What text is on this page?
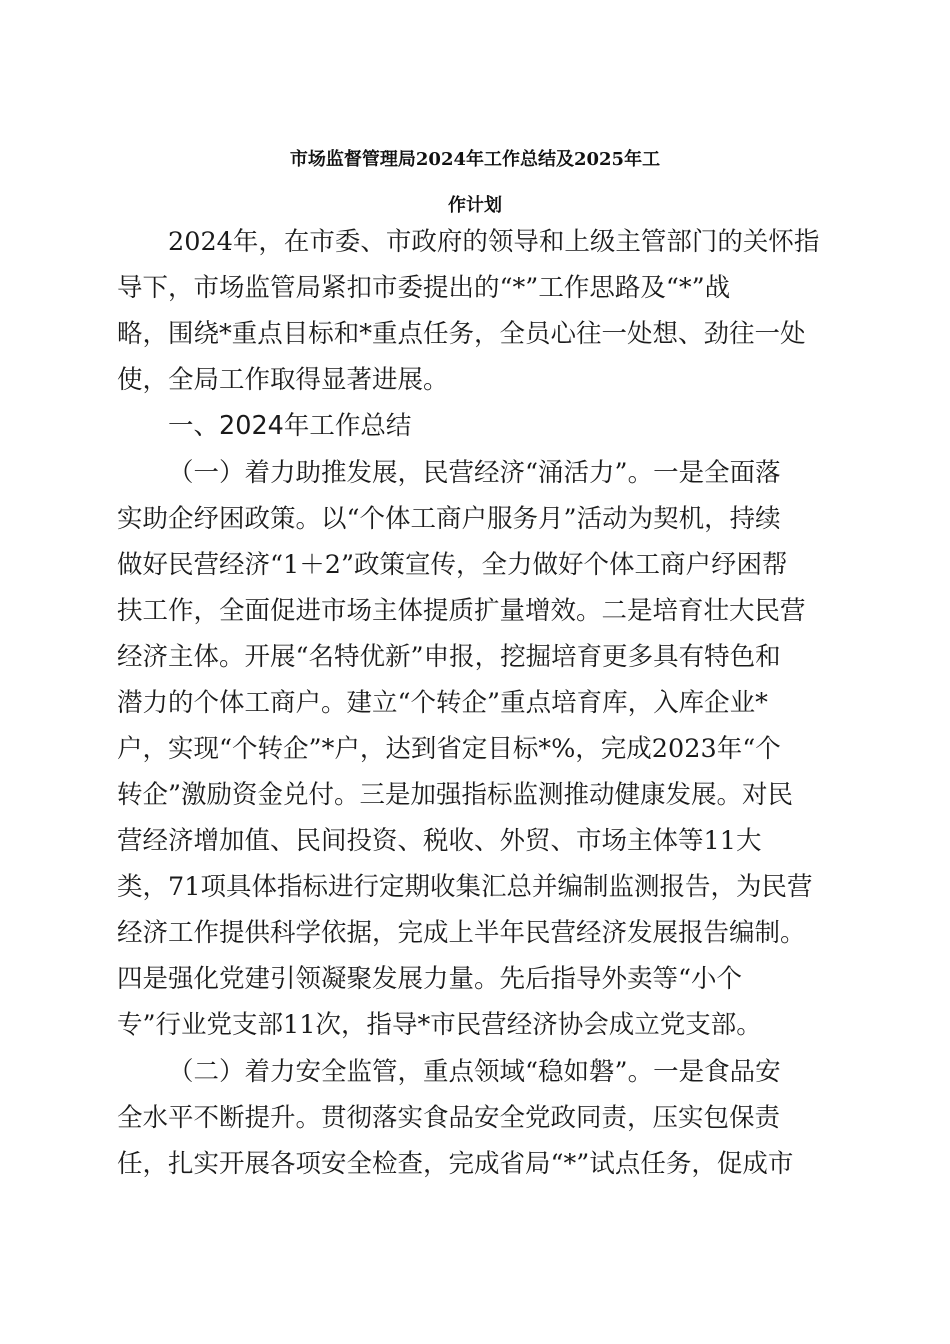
市场监督管理局2024年工作总结及2025年工
作计划
2024年，在市委、市政府的领导和上级主管部门的关怀指
导下，市场监管局紧扣市委提出的“*”工作思路及“*”战
略，围绕*重点目标和*重点任务，全员心往一处想、劲往一处
使，全局工作取得显著进展。
一、2024年工作总结
（一）着力助推发展，民营经济“涌活力”。一是全面落
实助企纾困政策。以“个体工商户服务月”活动为契机，持续
做好民营经济“1＋2”政策宣传，全力做好个体工商户纾困帮
扶工作，全面促进市场主体提质扩量增效。二是培育壮大民营
经济主体。开展“名特优新”申报，挖掘培育更多具有特色和
潜力的个体工商户。建立“个转企”重点培育库，入库企业*
户，实现“个转企”*户，达到省定目标*%，完成2023年“个
转企”激励资金兑付。三是加强指标监测推动健康发展。对民
营经济增加值、民间投资、税收、外贸、市场主体等11大
类，71项具体指标进行定期收集汇总并编制监测报告，为民营
经济工作提供科学依据，完成上半年民营经济发展报告编制。
四是强化党建引领凝聚发展力量。先后指导外卖等“小个
专”行业党支部11次，指导*市民营经济协会成立党支部。
（二）着力安全监管，重点领域“稳如磐”。一是食品安
全水平不断提升。贯彻落实食品安全党政同责，压实包保责
任，扎实开展各项安全检查，完成省局“*”试点任务，促成市
